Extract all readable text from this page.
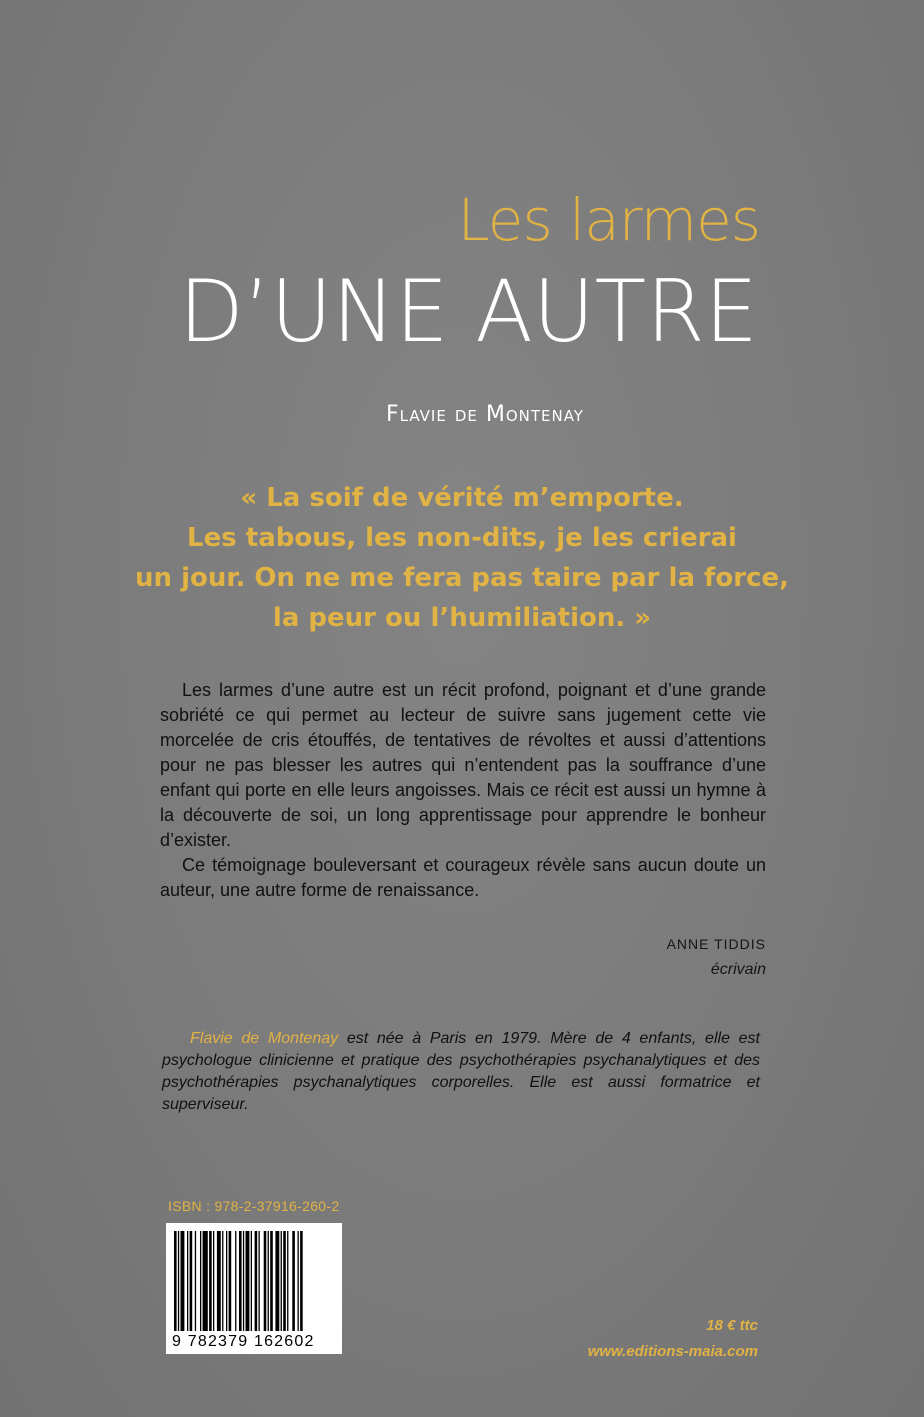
Les larmes
D’UNE AUTRE

Flavie de Montenay

« La soif de vérité m’emporte.
Les tabous, les non-dits, je les crierai
un jour. On ne me fera pas taire par la force,
la peur ou l’humiliation. »

Les larmes d’une autre est un récit profond, poignant et d’une grande sobriété ce qui permet au lecteur de suivre sans jugement cette vie morcelée de cris étouffés, de tentatives de révoltes et aussi d’attentions pour ne pas blesser les autres qui n’entendent pas la souffrance d’une enfant qui porte en elle leurs angoisses. Mais ce récit est aussi un hymne à la découverte de soi, un long apprentissage pour apprendre le bonheur d’exister.

Ce témoignage bouleversant et courageux révèle sans aucun doute un auteur, une autre forme de renaissance.

ANNE TIDDIS
écrivain

Flavie de Montenay est née à Paris en 1979. Mère de 4 enfants, elle est psychologue clinicienne et pratique des psychothérapies psychanalytiques et des psychothérapies psychanalytiques corporelles. Elle est aussi formatrice et superviseur.

ISBN : 978-2-37916-260-2
9 782379 162602
18 € ttc
www.editions-maia.com
